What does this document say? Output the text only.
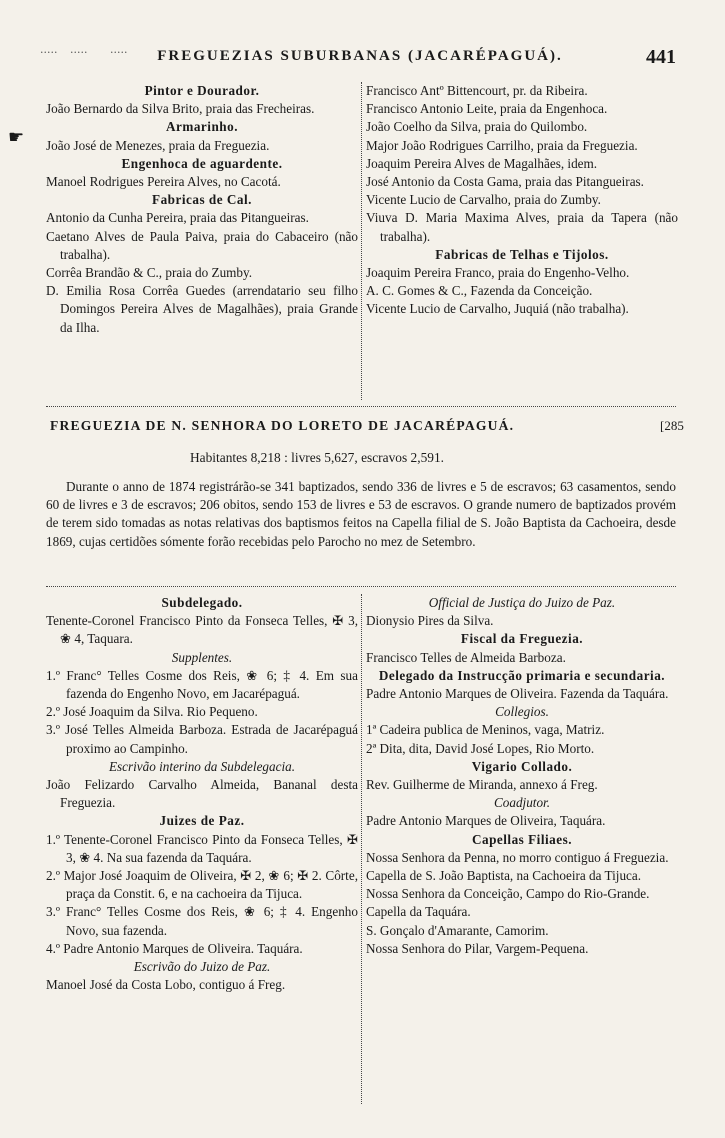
····· ····· ·····	FREGUEZIAS SUBURBANAS (JACARÉPAGUÁ).	441
☛

Pintor e Dourador.

João Bernardo da Silva Brito, praia das Frecheiras.

Armarinho.

João José de Menezes, praia da Freguezia.

Engenhoca de aguardente.

Manoel Rodrigues Pereira Alves, no Cacotá.

Fabricas de Cal.

Antonio da Cunha Pereira, praia das Pitangueiras.

Caetano Alves de Paula Paiva, praia do Cabaceiro (não trabalha).

Corrêa Brandão & C., praia do Zumby.

D. Emilia Rosa Corrêa Guedes (arrendatario seu filho Domingos Pereira Alves de Magalhães), praia Grande da Ilha.

Francisco Antº Bittencourt, pr. da Ribeira.

Francisco Antonio Leite, praia da Engenhoca.

João Coelho da Silva, praia do Quilombo.

Major João Rodrigues Carrilho, praia da Freguezia.

Joaquim Pereira Alves de Magalhães, idem.

José Antonio da Costa Gama, praia das Pitangueiras.

Vicente Lucio de Carvalho, praia do Zumby.

Viuva D. Maria Maxima Alves, praia da Tapera (não trabalha).

Fabricas de Telhas e Tijolos.

Joaquim Pereira Franco, praia do Engenho-Velho.

A. C. Gomes & C., Fazenda da Conceição.

Vicente Lucio de Carvalho, Juquiá (não trabalha).

FREGUEZIA DE N. SENHORA DO LORETO DE JACARÉPAGUÁ.	[285
Habitantes 8,218 : livres 5,627, escravos 2,591.
Durante o anno de 1874 registrárão-se 341 baptizados, sendo 336 de livres e 5 de escravos; 63 casamentos, sendo 60 de livres e 3 de escravos; 206 obitos, sendo 153 de livres e 53 de escravos. O grande numero de baptizados provém de terem sido tomadas as notas relativas dos baptismos feitos na Capella filial de S. João Baptista da Cachoeira, desde 1869, cujas certidões sómente forão recebidas pelo Parocho no mez de Setembro.

Subdelegado.

Tenente-Coronel Francisco Pinto da Fonseca Telles, ✠ 3, ❀ 4, Taquara.

Supplentes.

1.º Franc° Telles Cosme dos Reis, ❀ 6; ‡ 4. Em sua fazenda do Engenho Novo, em Jacarépaguá.

2.º José Joaquim da Silva. Rio Pequeno.

3.º José Telles Almeida Barboza. Estrada de Jacarépaguá proximo ao Campinho.

Escrivão interino da Subdelegacia.

João Felizardo Carvalho Almeida, Bananal desta Freguezia.

Juizes de Paz.

1.º Tenente-Coronel Francisco Pinto da Fonseca Telles, ✠ 3, ❀ 4. Na sua fazenda da Taquára.

2.º Major José Joaquim de Oliveira, ✠ 2, ❀ 6; ✠ 2. Côrte, praça da Constit. 6, e na cachoeira da Tijuca.

3.º Franc° Telles Cosme dos Reis, ❀ 6; ‡ 4. Engenho Novo, sua fazenda.

4.º Padre Antonio Marques de Oliveira. Taquára.

Escrivão do Juizo de Paz.

Manoel José da Costa Lobo, contiguo á Freg.

Official de Justiça do Juizo de Paz.

Dionysio Pires da Silva.

Fiscal da Freguezia.

Francisco Telles de Almeida Barboza.

Delegado da Instrucção primaria e secundaria.

Padre Antonio Marques de Oliveira. Fazenda da Taquára.

Collegios.

1ª Cadeira publica de Meninos, vaga, Matriz.

2ª Dita, dita, David José Lopes, Rio Morto.

Vigario Collado.

Rev. Guilherme de Miranda, annexo á Freg.

Coadjutor.

Padre Antonio Marques de Oliveira, Taquára.

Capellas Filiaes.

Nossa Senhora da Penna, no morro contiguo á Freguezia.

Capella de S. João Baptista, na Cachoeira da Tijuca.

Nossa Senhora da Conceição, Campo do Rio-Grande.

Capella da Taquára.

S. Gonçalo d'Amarante, Camorim.

Nossa Senhora do Pilar, Vargem-Pequena.
